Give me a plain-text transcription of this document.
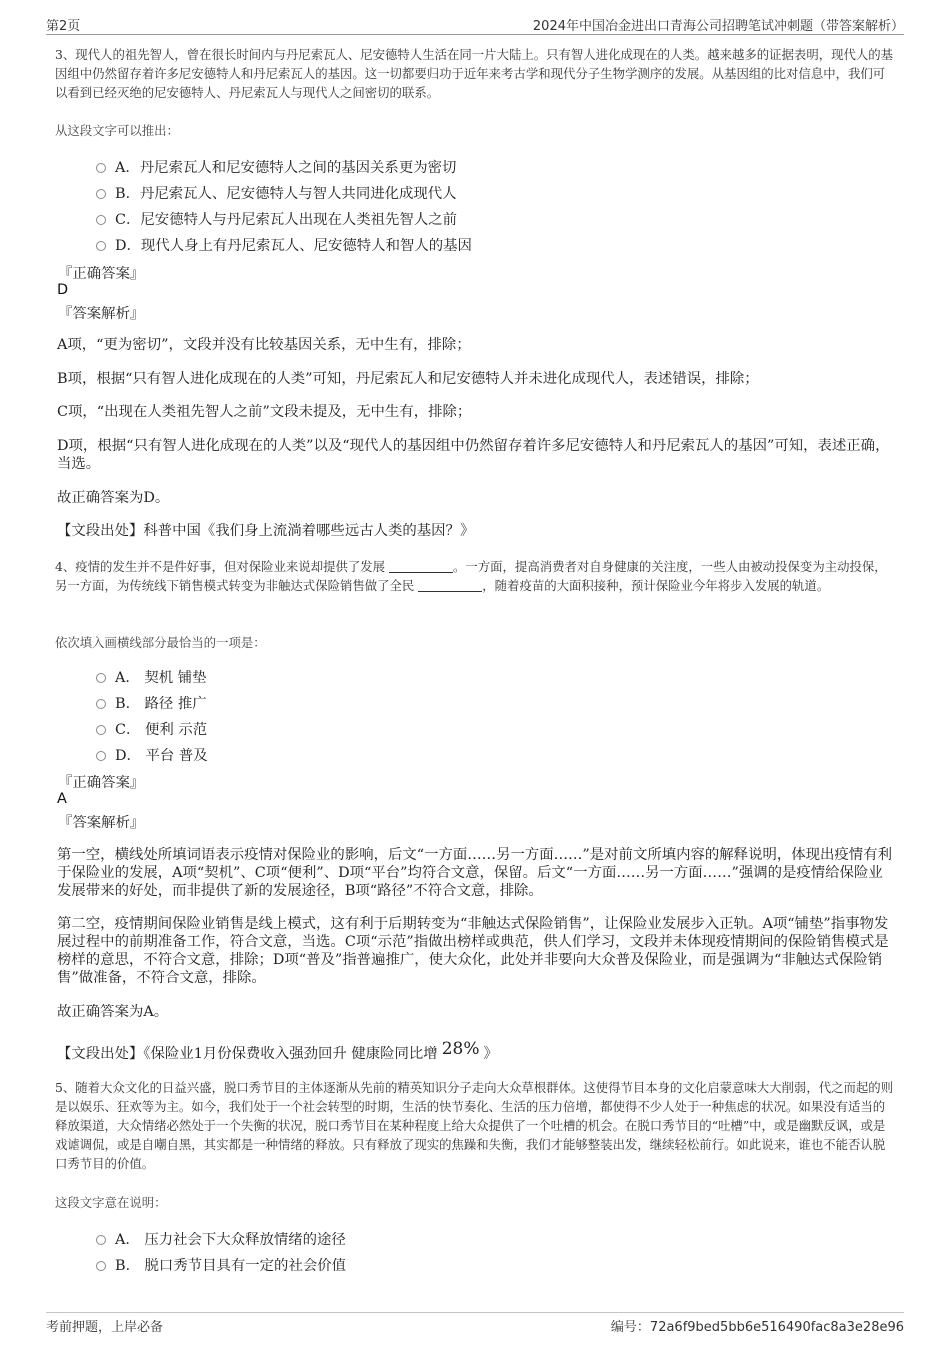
第2页	2024年中国冶金进出口青海公司招聘笔试冲刺题（带答案解析）
3、现代人的祖先智人，曾在很长时间内与丹尼索瓦人、尼安德特人生活在同一片大陆上。只有智人进化成现在的人类。越来越多的证据表明，现代人的基因组中仍然留存着许多尼安德特人和丹尼索瓦人的基因。这一切都要归功于近年来考古学和现代分子生物学测序的发展。从基因组的比对信息中，我们可以看到已经灭绝的尼安德特人、丹尼索瓦人与现代人之间密切的联系。
从这段文字可以推出：
A．丹尼索瓦人和尼安德特人之间的基因关系更为密切
B．丹尼索瓦人、尼安德特人与智人共同进化成现代人
C．尼安德特人与丹尼索瓦人出现在人类祖先智人之前
D．现代人身上有丹尼索瓦人、尼安德特人和智人的基因
『正确答案』
D
『答案解析』
A项，“更为密切”，文段并没有比较基因关系，无中生有，排除；
B项，根据“只有智人进化成现在的人类”可知，丹尼索瓦人和尼安德特人并未进化成现代人，表述错误，排除；
C项，“出现在人类祖先智人之前”文段未提及，无中生有，排除；
D项，根据“只有智人进化成现在的人类”以及“现代人的基因组中仍然留存着许多尼安德特人和丹尼索瓦人的基因”可知，表述正确，当选。
故正确答案为D。
【文段出处】科普中国《我们身上流淌着哪些远古人类的基因？》
4、疫情的发生并不是件好事，但对保险业来说却提供了发展	。一方面，提高消费者对自身健康的关注度，一些人由被动投保变为主动投保，另一方面，为传统线下销售模式转变为非触达式保险销售做了全民	，随着疫苗的大面积接种，预计保险业今年将步入发展的轨道。
依次填入画横线部分最恰当的一项是：
A． 契机 铺垫
B． 路径 推广
C． 便利 示范
D． 平台 普及
『正确答案』
A
『答案解析』
第一空，横线处所填词语表示疫情对保险业的影响，后文“一方面……另一方面……”是对前文所填内容的解释说明，体现出疫情有利于保险业的发展，A项“契机”、C项“便利”、D项“平台”均符合文意，保留。后文“一方面……另一方面……”强调的是疫情给保险业发展带来的好处，而非提供了新的发展途径，B项“路径”不符合文意，排除。
第二空，疫情期间保险业销售是线上模式，这有利于后期转变为“非触达式保险销售”，让保险业发展步入正轨。A项“铺垫”指事物发展过程中的前期准备工作，符合文意，当选。C项“示范”指做出榜样或典范，供人们学习，文段并未体现疫情期间的保险销售模式是榜样的意思，不符合文意，排除；D项“普及”指普遍推广，使大众化，此处并非要向大众普及保险业，而是强调为“非触达式保险销售”做准备，不符合文意，排除。
故正确答案为A。
【文段出处】《保险业1月份保费收入强劲回升 健康险同比增 28% 》
5、随着大众文化的日益兴盛，脱口秀节目的主体逐渐从先前的精英知识分子走向大众草根群体。这使得节目本身的文化启蒙意味大大削弱，代之而起的则是以娱乐、狂欢等为主。如今，我们处于一个社会转型的时期，生活的快节奏化、生活的压力倍增，都使得不少人处于一种焦虑的状况。如果没有适当的释放渠道，大众情绪必然处于一个失衡的状况，脱口秀节目在某种程度上给大众提供了一个吐槽的机会。在脱口秀节目的“吐槽”中，或是幽默反讽，或是戏谑调侃，或是自嘲自黑，其实都是一种情绪的释放。只有释放了现实的焦躁和失衡，我们才能够整装出发，继续轻松前行。如此说来，谁也不能否认脱口秀节目的价值。
这段文字意在说明：
A． 压力社会下大众释放情绪的途径
B． 脱口秀节目具有一定的社会价值
考前押题，上岸必备	编号：72a6f9bed5bb6e516490fac8a3e28e96
